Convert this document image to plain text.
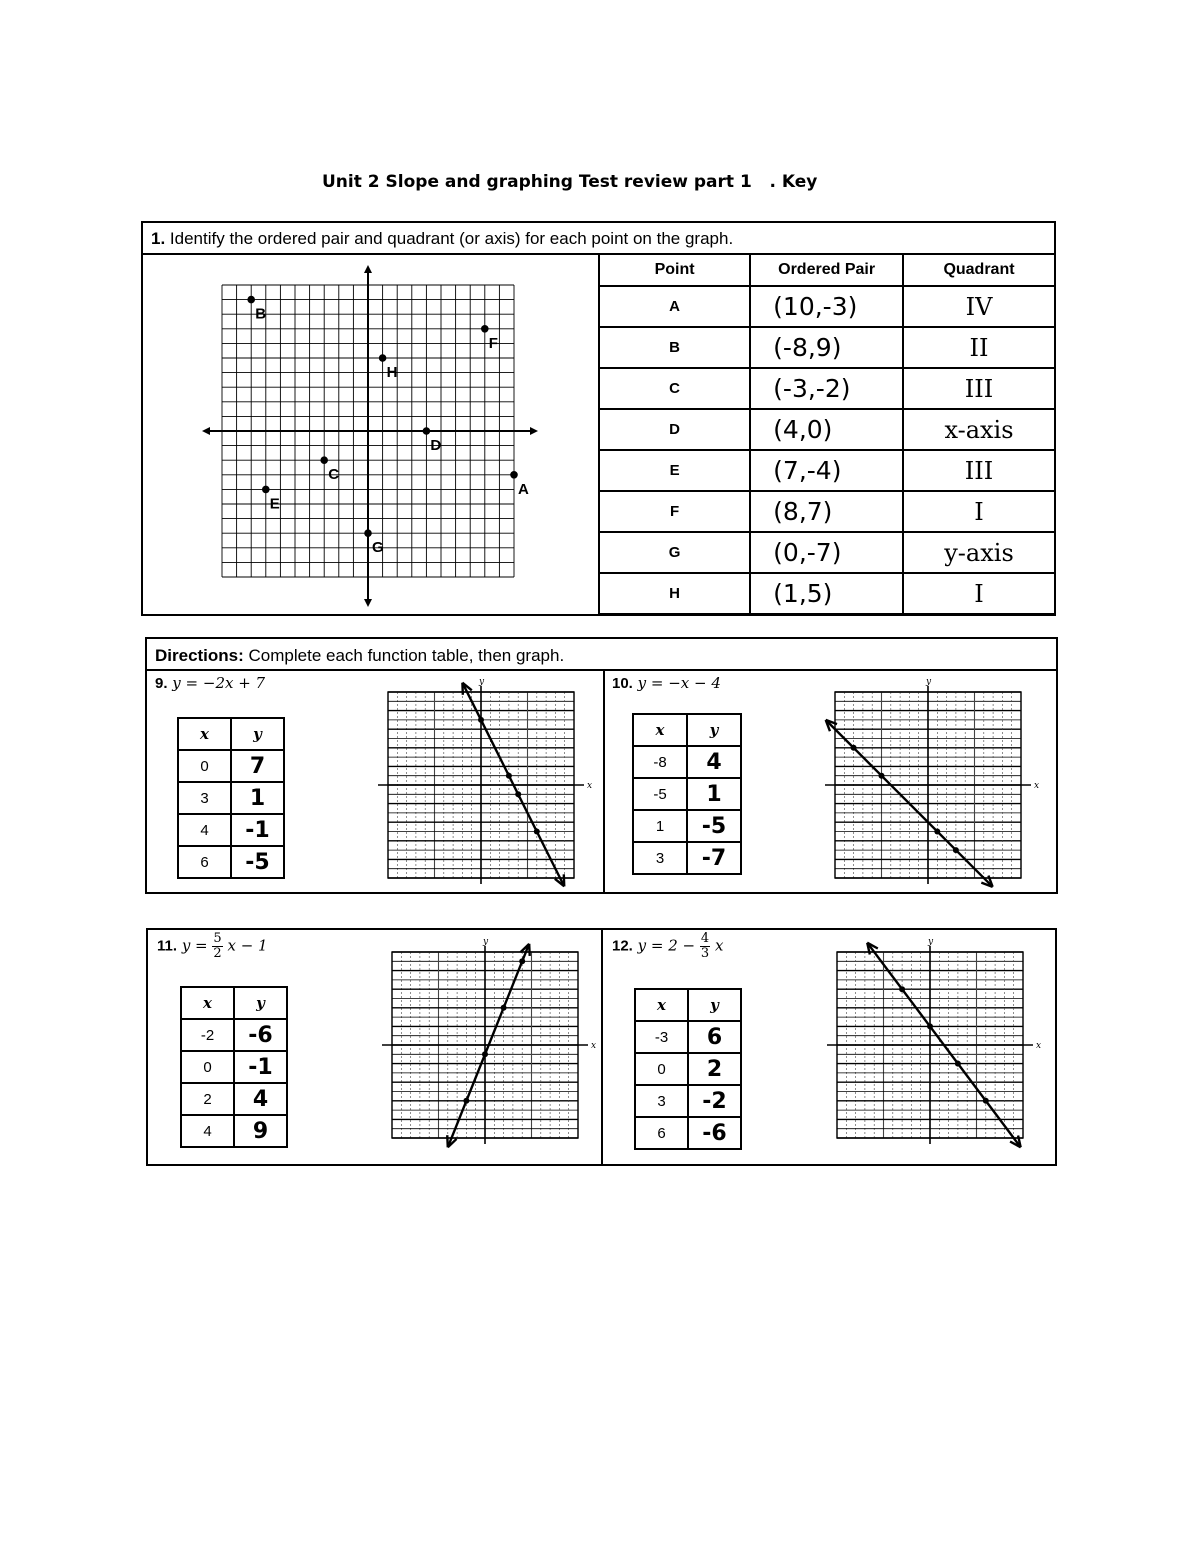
Unit 2 Slope and graphing Test review part 1   . Key
1. Identify the ordered pair and quadrant (or axis) for each point on the graph.
A
B
C
D
E
F
G
H
Point	Ordered Pair	Quadrant
A	(10,-3)	IV
B	(-8,9)	II
C	(-3,-2)	III
D	(4,0)	x-axis
E	(7,-4)	III
F	(8,7)	I
G	(0,-7)	y-axis
H	(1,5)	I
Directions: Complete each function table, then graph.
9. y = −2x + 7
x	y
0	7
3	1
4	-1
6	-5
x
y	10. y = −x − 4
x	y
-8	4
-5	1
1	-5
3	-7
x
y
11. $y = \frac{5}{2}$ x − 1
x	y
-2	-6
0	-1
2	4
4	9
x
y	12. $y = 2 - \frac{4}{3}$ x
x	y
-3	6
0	2
3	-2
6	-6
x
y
